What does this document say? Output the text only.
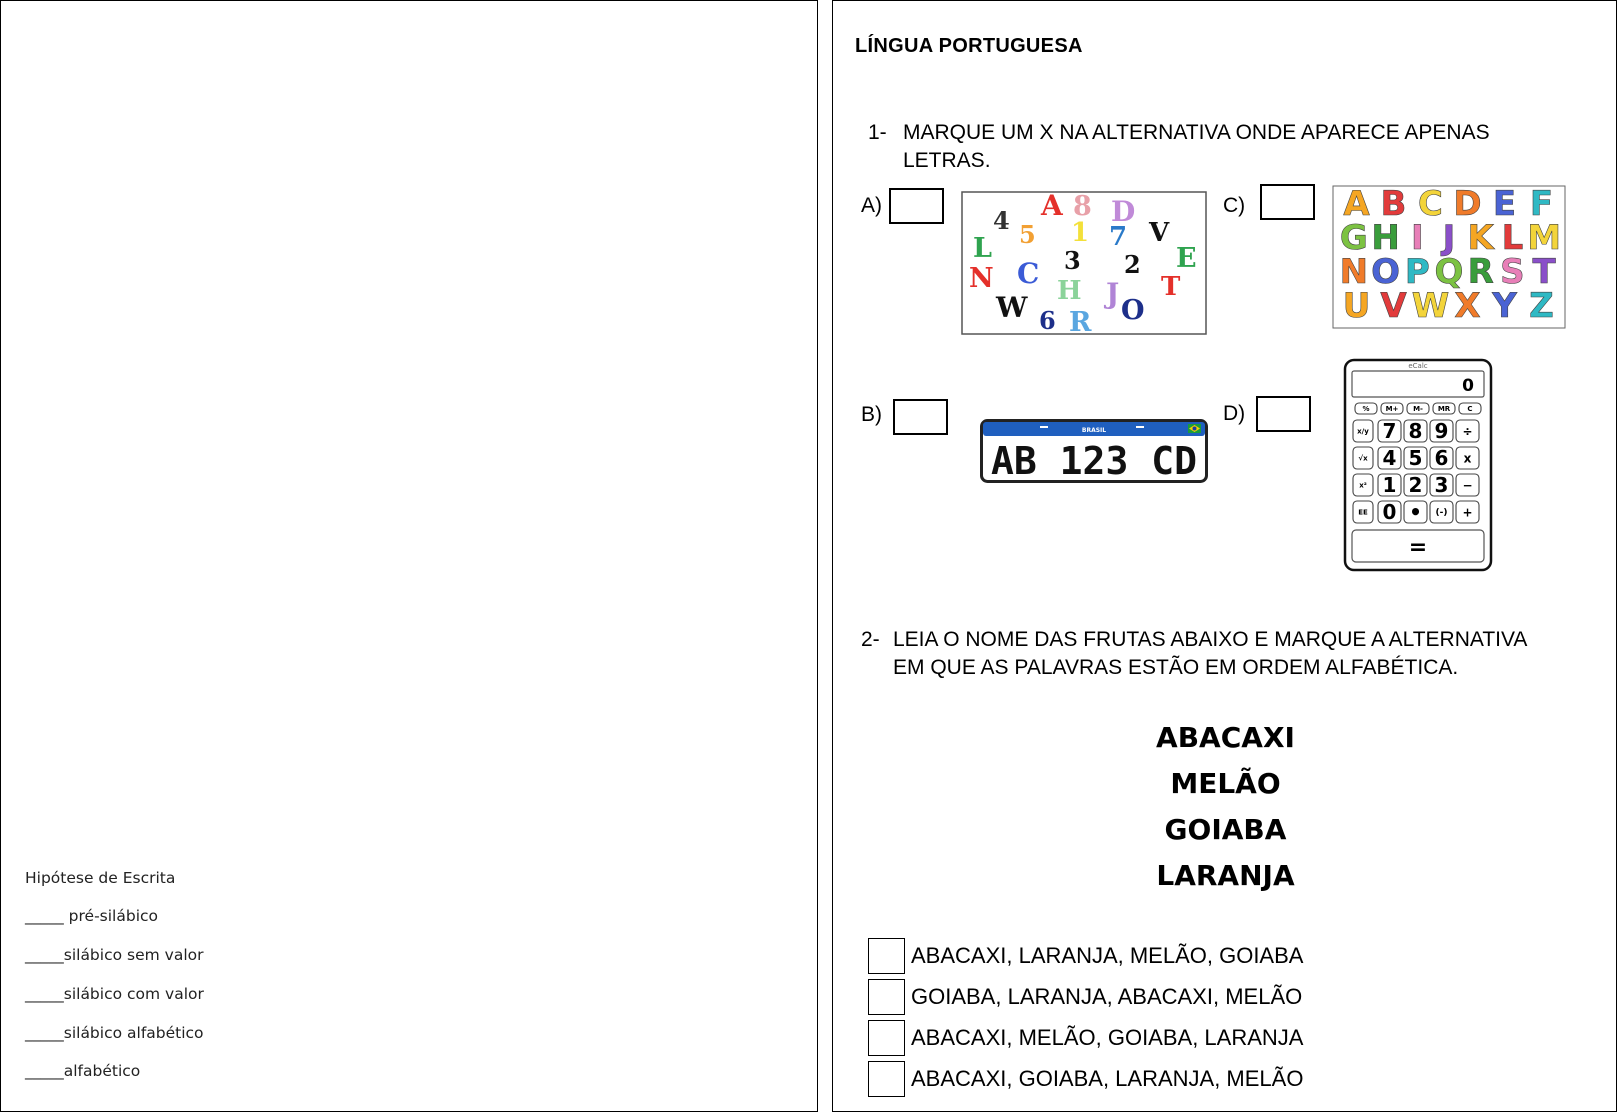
Hipótese de Escrita
_____ pré-silábico
_____silábico sem valor
_____silábico com valor
_____silábico alfabético
_____alfabético
LÍNGUA PORTUGUESA
1- MARQUE UM X NA ALTERNATIVA ONDE APARECE APENAS
LETRAS.
A)	A 8 D
4 5 1 7 V
L	3 2 E
N C
H J T
W 6 R O
C)	A B C D E F
G H I J K L M
N O P Q R S T
U V W X Y Z
B)
BRASIL
AB 123 CD
D)
eCalc
0
% M+ M- MR C
x/y
√x
x²
EE
7 8 9 ÷
4 5 6 x
1 2 3 −
0 • (-) +
=
2- LEIA O NOME DAS FRUTAS ABAIXO E MARQUE A ALTERNATIVA
EM QUE AS PALAVRAS ESTÃO EM ORDEM ALFABÉTICA.
ABACAXI
MELÃO
GOIABA
LARANJA
ABACAXI, LARANJA, MELÃO, GOIABA
GOIABA, LARANJA, ABACAXI, MELÃO
ABACAXI, MELÃO, GOIABA, LARANJA
ABACAXI, GOIABA, LARANJA, MELÃO
